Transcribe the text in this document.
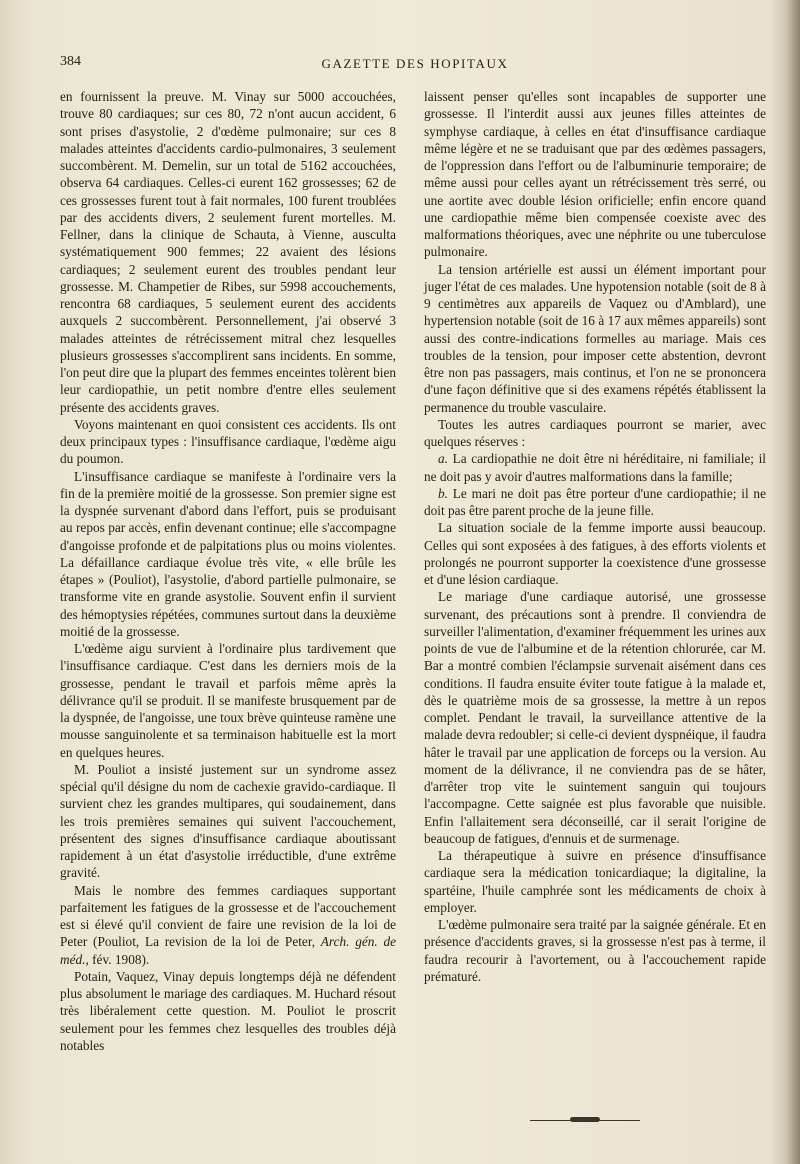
384	GAZETTE DES HOPITAUX

en fournissent la preuve. M. Vinay sur 5000 accouchées, trouve 80 cardiaques; sur ces 80, 72 n'ont aucun accident, 6 sont prises d'asystolie, 2 d'œdème pulmonaire; sur ces 8 malades atteintes d'accidents cardio-pulmonaires, 3 seulement succombèrent. M. Demelin, sur un total de 5162 accouchées, observa 64 cardiaques. Celles-ci eurent 162 grossesses; 62 de ces grossesses furent tout à fait normales, 100 furent troublées par des accidents divers, 2 seulement furent mortelles. M. Fellner, dans la clinique de Schauta, à Vienne, ausculta systématiquement 900 femmes; 22 avaient des lésions cardiaques; 2 seulement eurent des troubles pendant leur grossesse. M. Champetier de Ribes, sur 5998 accouchements, rencontra 68 cardiaques, 5 seulement eurent des accidents auxquels 2 succombèrent. Personnellement, j'ai observé 3 malades atteintes de rétrécissement mitral chez lesquelles plusieurs grossesses s'accomplirent sans incidents. En somme, l'on peut dire que la plupart des femmes enceintes tolèrent bien leur cardiopathie, un petit nombre d'entre elles seulement présente des accidents graves.

Voyons maintenant en quoi consistent ces accidents. Ils ont deux principaux types : l'insuffisance cardiaque, l'œdème aigu du poumon.

L'insuffisance cardiaque se manifeste à l'ordinaire vers la fin de la première moitié de la grossesse. Son premier signe est la dyspnée survenant d'abord dans l'effort, puis se produisant au repos par accès, enfin devenant continue; elle s'accompagne d'angoisse profonde et de palpitations plus ou moins violentes. La défaillance cardiaque évolue très vite, « elle brûle les étapes » (Pouliot), l'asystolie, d'abord partielle pulmonaire, se transforme vite en grande asystolie. Souvent enfin il survient des hémoptysies répétées, communes surtout dans la deuxième moitié de la grossesse.

L'œdème aigu survient à l'ordinaire plus tardivement que l'insuffisance cardiaque. C'est dans les derniers mois de la grossesse, pendant le travail et parfois même après la délivrance qu'il se produit. Il se manifeste brusquement par de la dyspnée, de l'angoisse, une toux brève quinteuse ramène une mousse sanguinolente et sa terminaison habituelle est la mort en quelques heures.

M. Pouliot a insisté justement sur un syndrome assez spécial qu'il désigne du nom de cachexie gravido-cardiaque. Il survient chez les grandes multipares, qui soudainement, dans les trois premières semaines qui suivent l'accouchement, présentent des signes d'insuffisance cardiaque aboutissant rapidement à un état d'asystolie irréductible, d'une extrême gravité.

Mais le nombre des femmes cardiaques supportant parfaitement les fatigues de la grossesse et de l'accouchement est si élevé qu'il convient de faire une revision de la loi de Peter (Pouliot, La revision de la loi de Peter, Arch. gén. de méd., fév. 1908).

Potain, Vaquez, Vinay depuis longtemps déjà ne défendent plus absolument le mariage des cardiaques. M. Huchard résout très libéralement cette question. M. Pouliot le proscrit seulement pour les femmes chez lesquelles des troubles déjà notables

laissent penser qu'elles sont incapables de supporter une grossesse. Il l'interdit aussi aux jeunes filles atteintes de symphyse cardiaque, à celles en état d'insuffisance cardiaque même légère et ne se traduisant que par des œdèmes passagers, de l'oppression dans l'effort ou de l'albuminurie temporaire; de même aussi pour celles ayant un rétrécissement très serré, ou une aortite avec double lésion orificielle; enfin encore quand une cardiopathie même bien compensée coexiste avec des malformations théoriques, avec une néphrite ou une tuberculose pulmonaire.

La tension artérielle est aussi un élément important pour juger l'état de ces malades. Une hypotension notable (soit de 8 à 9 centimètres aux appareils de Vaquez ou d'Amblard), une hypertension notable (soit de 16 à 17 aux mêmes appareils) sont aussi des contre-indications formelles au mariage. Mais ces troubles de la tension, pour imposer cette abstention, devront être non pas passagers, mais continus, et l'on ne se prononcera d'une façon définitive que si des examens répétés établissent la permanence du trouble vasculaire.

Toutes les autres cardiaques pourront se marier, avec quelques réserves :

a. La cardiopathie ne doit être ni héréditaire, ni familiale; il ne doit pas y avoir d'autres malformations dans la famille;

b. Le mari ne doit pas être porteur d'une cardiopathie; il ne doit pas être parent proche de la jeune fille.

La situation sociale de la femme importe aussi beaucoup. Celles qui sont exposées à des fatigues, à des efforts violents et prolongés ne pourront supporter la coexistence d'une grossesse et d'une lésion cardiaque.

Le mariage d'une cardiaque autorisé, une grossesse survenant, des précautions sont à prendre. Il conviendra de surveiller l'alimentation, d'examiner fréquemment les urines aux points de vue de l'albumine et de la rétention chlorurée, car M. Bar a montré combien l'éclampsie survenait aisément dans ces conditions. Il faudra ensuite éviter toute fatigue à la malade et, dès le quatrième mois de sa grossesse, la mettre à un repos complet. Pendant le travail, la surveillance attentive de la malade devra redoubler; si celle-ci devient dyspnéique, il faudra hâter le travail par une application de forceps ou la version. Au moment de la délivrance, il ne conviendra pas de se hâter, d'arrêter trop vite le suintement sanguin qui toujours l'accompagne. Cette saignée est plus favorable que nuisible. Enfin l'allaitement sera déconseillé, car il serait l'origine de beaucoup de fatigues, d'ennuis et de surmenage.

La thérapeutique à suivre en présence d'insuffisance cardiaque sera la médication tonicardiaque; la digitaline, la spartéine, l'huile camphrée sont les médicaments de choix à employer.

L'œdème pulmonaire sera traité par la saignée générale. Et en présence d'accidents graves, si la grossesse n'est pas à terme, il faudra recourir à l'avortement, ou à l'accouchement rapide prématuré.
